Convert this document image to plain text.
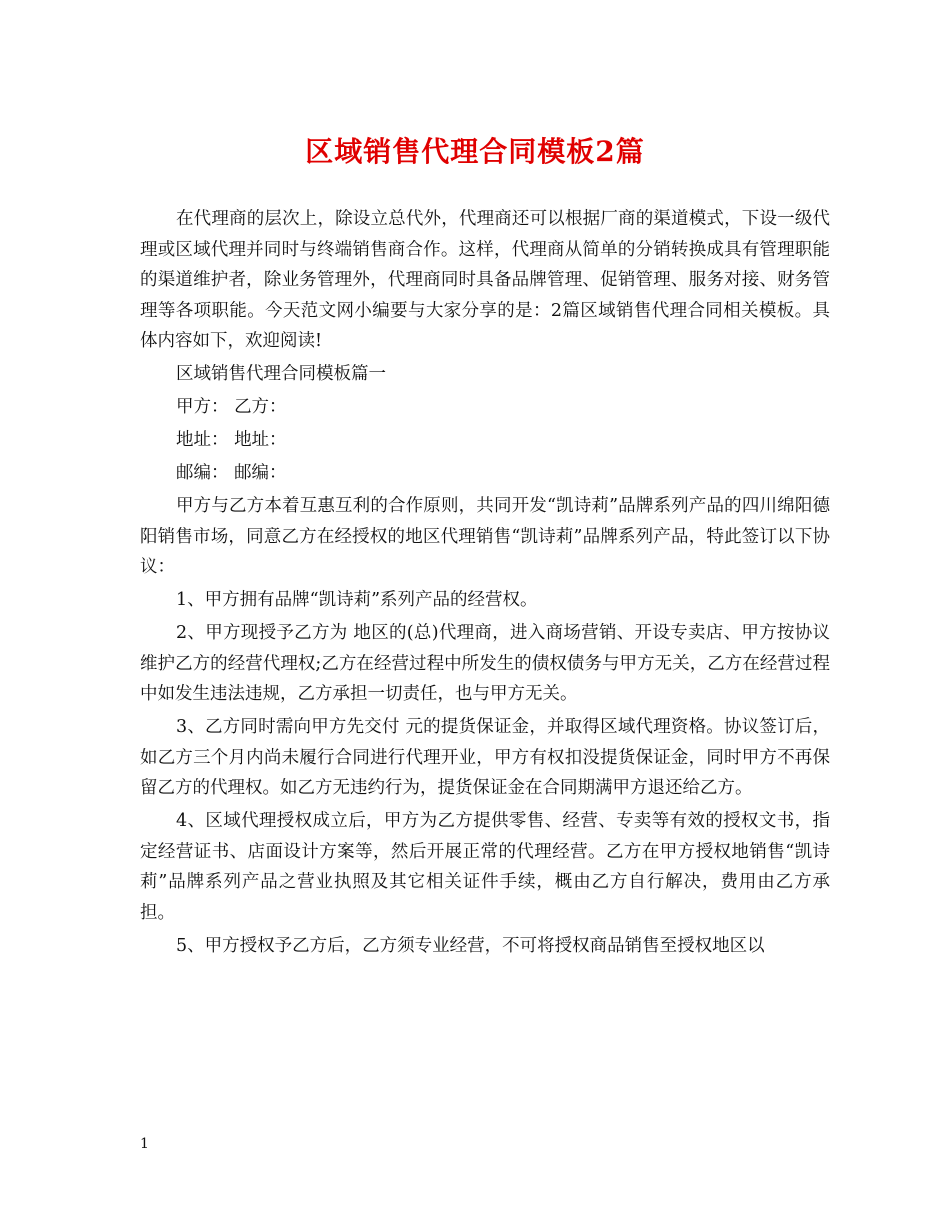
区域销售代理合同模板2篇

在代理商的层次上，除设立总代外，代理商还可以根据厂商的渠道模式，下设一级代理或区域代理并同时与终端销售商合作。这样，代理商从简单的分销转换成具有管理职能的渠道维护者，除业务管理外，代理商同时具备品牌管理、促销管理、服务对接、财务管理等各项职能。今天范文网小编要与大家分享的是：2篇区域销售代理合同相关模板。具体内容如下，欢迎阅读!

区域销售代理合同模板篇一

甲方： 乙方：

地址： 地址：

邮编： 邮编：

甲方与乙方本着互惠互利的合作原则，共同开发“凯诗莉”品牌系列产品的四川绵阳德阳销售市场，同意乙方在经授权的地区代理销售“凯诗莉”品牌系列产品，特此签订以下协议：

1、甲方拥有品牌“凯诗莉”系列产品的经营权。

2、甲方现授予乙方为 地区的(总)代理商，进入商场营销、开设专卖店、甲方按协议维护乙方的经营代理权;乙方在经营过程中所发生的债权债务与甲方无关，乙方在经营过程中如发生违法违规，乙方承担一切责任，也与甲方无关。

3、乙方同时需向甲方先交付 元的提货保证金，并取得区域代理资格。协议签订后，如乙方三个月内尚未履行合同进行代理开业，甲方有权扣没提货保证金，同时甲方不再保留乙方的代理权。如乙方无违约行为，提货保证金在合同期满甲方退还给乙方。

4、区域代理授权成立后，甲方为乙方提供零售、经营、专卖等有效的授权文书，指定经营证书、店面设计方案等，然后开展正常的代理经营。乙方在甲方授权地销售“凯诗莉”品牌系列产品之营业执照及其它相关证件手续，概由乙方自行解决，费用由乙方承担。

5、甲方授权予乙方后，乙方须专业经营，不可将授权商品销售至授权地区以

1
